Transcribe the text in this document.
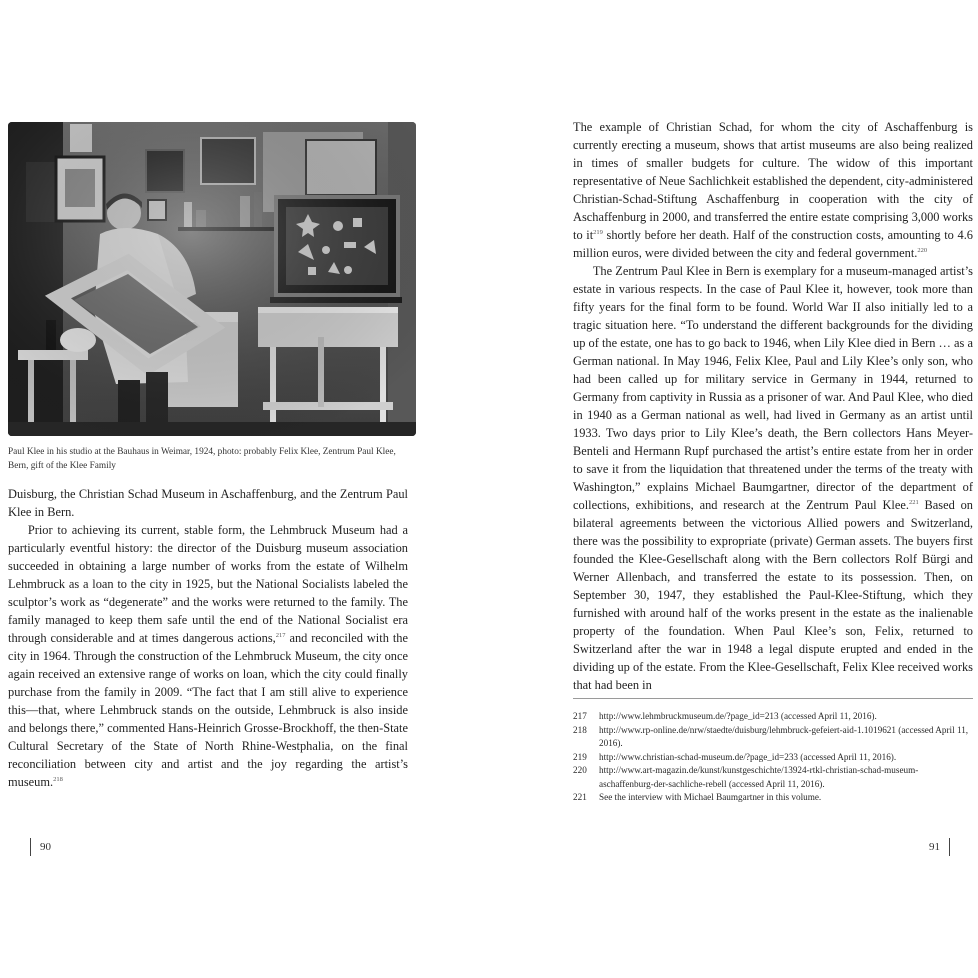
Paul Klee in his studio at the Bauhaus in Weimar, 1924, photo: probably Felix Klee, Zentrum Paul Klee, Bern, gift of the Klee Family

Duisburg, the Christian Schad Museum in Aschaffenburg, and the Zentrum Paul Klee in Bern.

Prior to achieving its current, stable form, the Lehmbruck Museum had a particularly eventful history: the director of the Duisburg museum association succeeded in obtaining a large number of works from the estate of Wilhelm Lehmbruck as a loan to the city in 1925, but the National Socialists labeled the sculptor’s work as “degenerate” and the works were returned to the family. The family managed to keep them safe until the end of the National Socialist era through considerable and at times dangerous actions,$^{217}$ and reconciled with the city in 1964. Through the construction of the Lehmbruck Museum, the city once again received an extensive range of works on loan, which the city could finally purchase from the family in 2009. “The fact that I am still alive to experience this—that, where Lehmbruck stands on the outside, Lehmbruck is also inside and belongs there,” commented Hans-Heinrich Grosse-Brockhoff, the then-State Cultural Secretary of the State of North Rhine-Westphalia, on the final reconciliation between city and artist and the joy regarding the artist’s museum.$^{218}$

90

The example of Christian Schad, for whom the city of Aschaffenburg is currently erecting a museum, shows that artist museums are also being realized in times of smaller budgets for culture. The widow of this important representative of Neue Sachlichkeit established the dependent, city-administered Christian-Schad-Stiftung Aschaffenburg in cooperation with the city of Aschaffenburg in 2000, and transferred the entire estate comprising 3,000 works to $it^{219}$ shortly before her death. Half of the construction costs, amounting to 4.6 million euros, were divided between the city and federal government.$^{220}$

The Zentrum Paul Klee in Bern is exemplary for a museum-managed artist’s estate in various respects. In the case of Paul Klee it, however, took more than fifty years for the final form to be found. World War II also initially led to a tragic situation here. “To understand the different backgrounds for the dividing up of the estate, one has to go back to 1946, when Lily Klee died in Bern … as a German national. In May 1946, Felix Klee, Paul and Lily Klee’s only son, who had been called up for military service in Germany in 1944, returned to Germany from captivity in Russia as a prisoner of war. And Paul Klee, who died in 1940 as a German national as well, had lived in Germany as an artist until 1933. Two days prior to Lily Klee’s death, the Bern collectors Hans Meyer-Benteli and Hermann Rupf purchased the artist’s entire estate from her in order to save it from the liquidation that threatened under the terms of the treaty with Washington,” explains Michael Baumgartner, director of the department of collections, exhibitions, and research at the Zentrum Paul Klee.$^{221}$ Based on bilateral agreements between the victorious Allied powers and Switzerland, there was the possibility to expropriate (private) German assets. The buyers first founded the Klee-Gesellschaft along with the Bern collectors Rolf Bürgi and Werner Allenbach, and transferred the estate to its possession. Then, on September 30, 1947, they established the Paul-Klee-Stiftung, which they furnished with around half of the works present in the estate as the inalienable property of the foundation. When Paul Klee’s son, Felix, returned to Switzerland after the war in 1948 a legal dispute erupted and ended in the dividing up of the estate. From the Klee-Gesellschaft, Felix Klee received works that had been in

217	http://www.lehmbruckmuseum.de/?page_id=213 (accessed April 11, 2016).
218	http://www.rp-online.de/nrw/staedte/duisburg/lehmbruck-gefeiert-aid-1.1019621 (accessed April 11, 2016).
219	http://www.christian-schad-museum.de/?page_id=233 (accessed April 11, 2016).
220	http://www.art-magazin.de/kunst/kunstgeschichte/13924-rtkl-christian-schad-museum-aschaffenburg-der-sachliche-rebell (accessed April 11, 2016).
221	See the interview with Michael Baumgartner in this volume.
91
